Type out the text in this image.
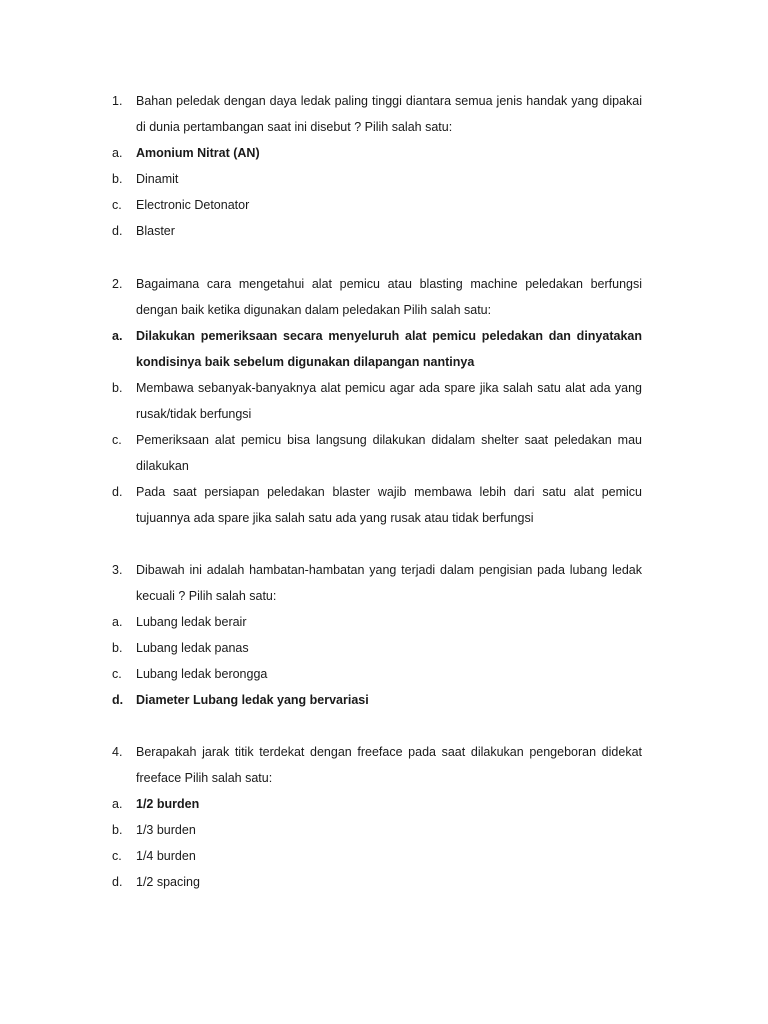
1.	Bahan peledak dengan daya ledak paling tinggi diantara semua jenis handak yang dipakai di dunia pertambangan saat ini disebut ? Pilih salah satu:
a.	Amonium Nitrat (AN)
b.	Dinamit
c.	Electronic Detonator
d.	Blaster
2.	Bagaimana cara mengetahui alat pemicu atau blasting machine peledakan berfungsi dengan baik ketika digunakan dalam peledakan Pilih salah satu:
a.	Dilakukan pemeriksaan secara menyeluruh alat pemicu peledakan dan dinyatakan kondisinya baik sebelum digunakan dilapangan nantinya
b.	Membawa sebanyak-banyaknya alat pemicu agar ada spare jika salah satu alat ada yang rusak/tidak berfungsi
c.	Pemeriksaan alat pemicu bisa langsung dilakukan didalam shelter saat peledakan mau dilakukan
d.	Pada saat persiapan peledakan blaster wajib membawa lebih dari satu alat pemicu tujuannya ada spare jika salah satu ada yang rusak atau tidak berfungsi
3.	Dibawah ini adalah hambatan-hambatan yang terjadi dalam pengisian pada lubang ledak kecuali ? Pilih salah satu:
a.	Lubang ledak berair
b.	Lubang ledak panas
c.	Lubang ledak berongga
d.	Diameter Lubang ledak yang bervariasi
4.	Berapakah jarak titik terdekat dengan freeface pada saat dilakukan pengeboran didekat freeface Pilih salah satu:
a.	1/2 burden
b.	1/3 burden
c.	1/4 burden
d.	1/2 spacing
